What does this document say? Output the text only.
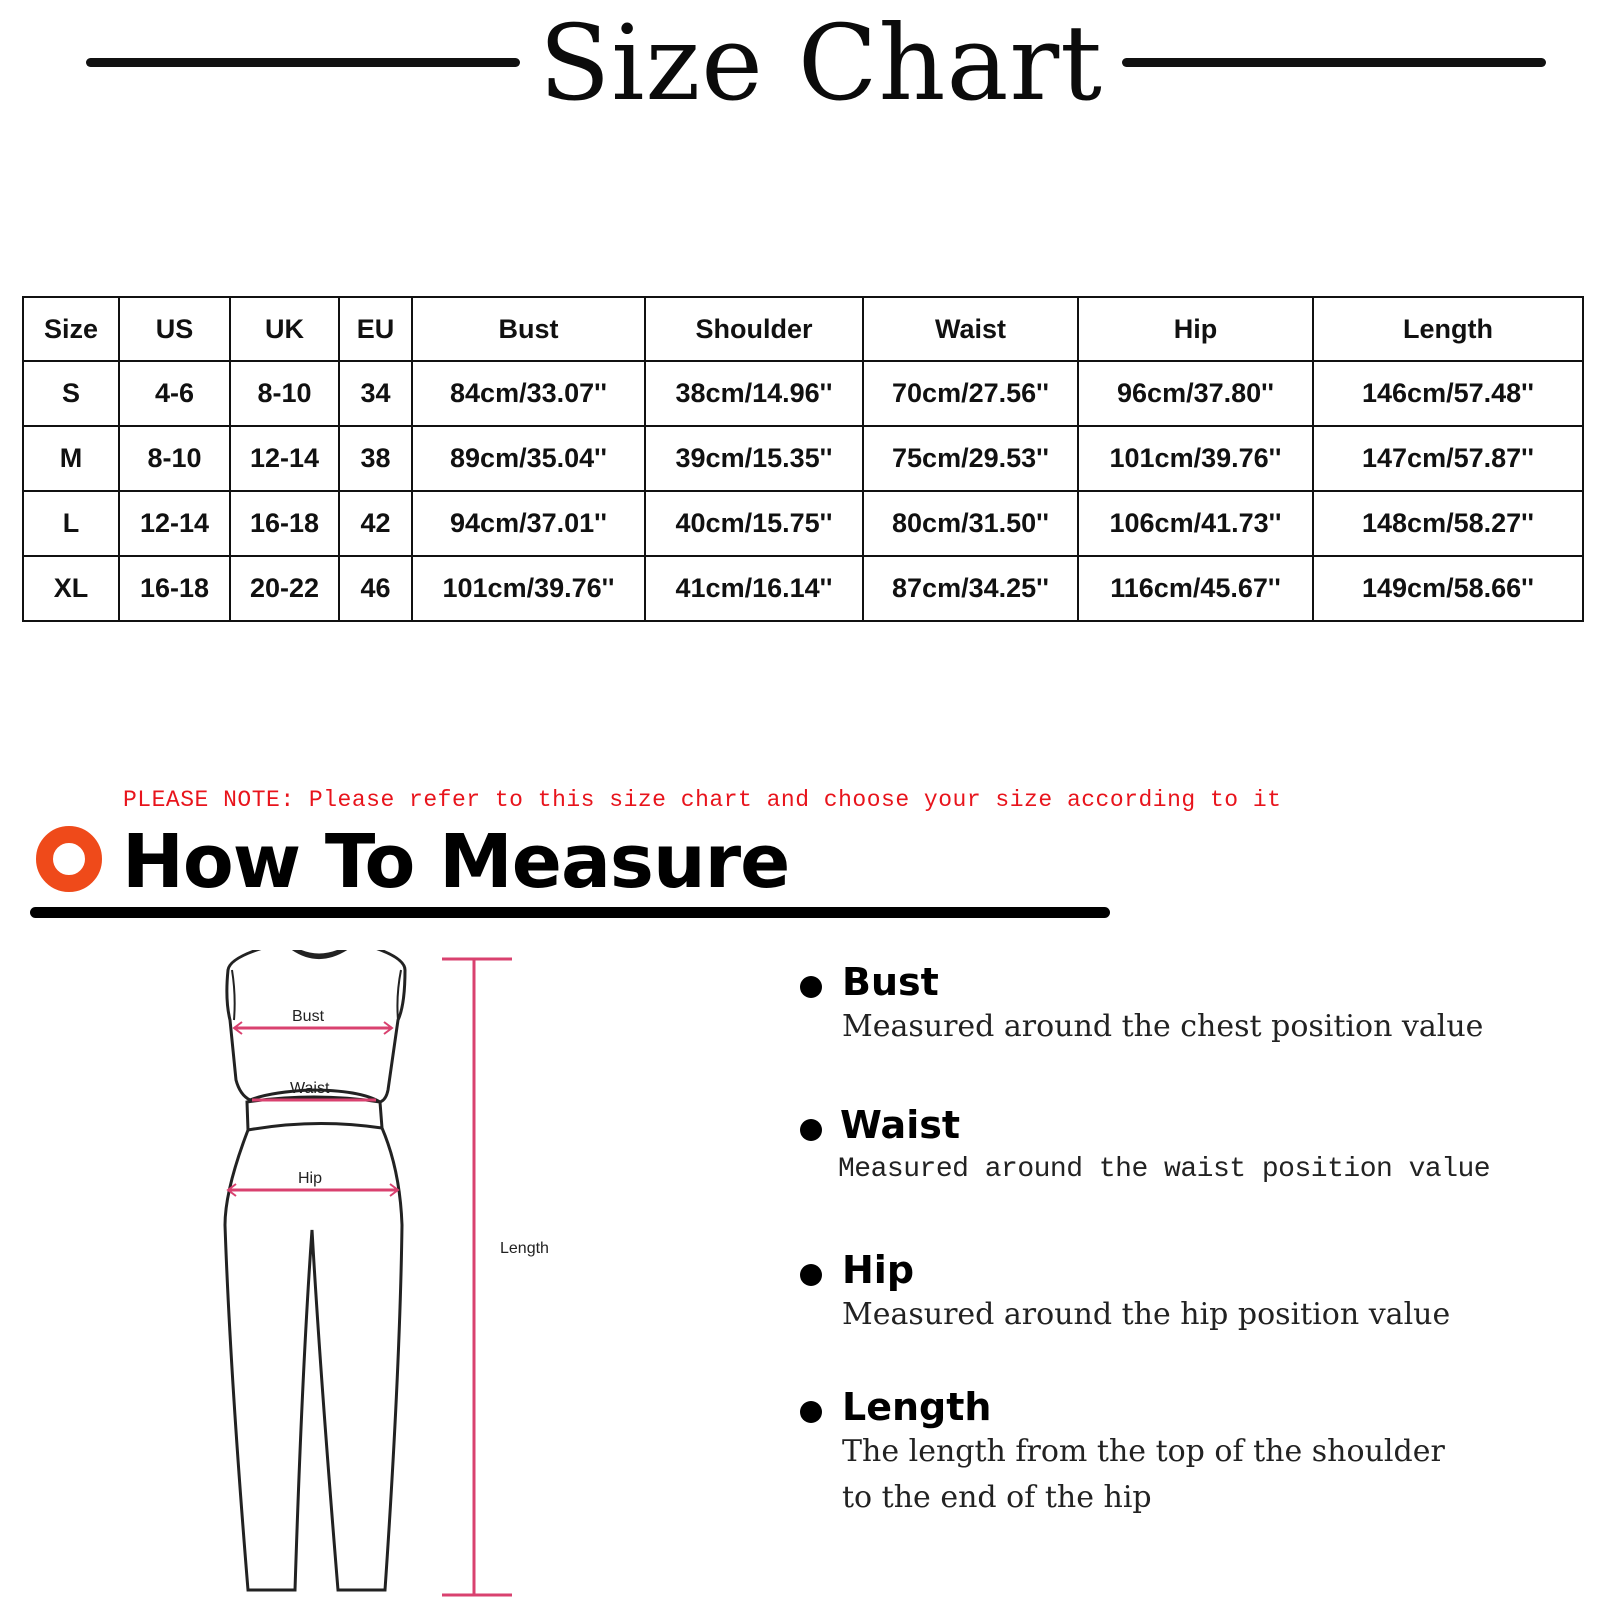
Size Chart
Size	US	UK	EU	Bust	Shoulder	Waist	Hip	Length
S	4-6	8-10	34	84cm/33.07''	38cm/14.96''	70cm/27.56''	96cm/37.80''	146cm/57.48''
M	8-10	12-14	38	89cm/35.04''	39cm/15.35''	75cm/29.53''	101cm/39.76''	147cm/57.87''
L	12-14	16-18	42	94cm/37.01''	40cm/15.75''	80cm/31.50''	106cm/41.73''	148cm/58.27''
XL	16-18	20-22	46	101cm/39.76''	41cm/16.14''	87cm/34.25''	116cm/45.67''	149cm/58.66''
PLEASE NOTE: Please refer to this size chart and choose your size according to it
How To Measure
Bust
Waist
Hip
Length
Bust
Measured around the chest position value
Waist
Measured around the waist position value
Hip
Measured around the hip position value
Length
The length from the top of the shoulder to the end of the hip
